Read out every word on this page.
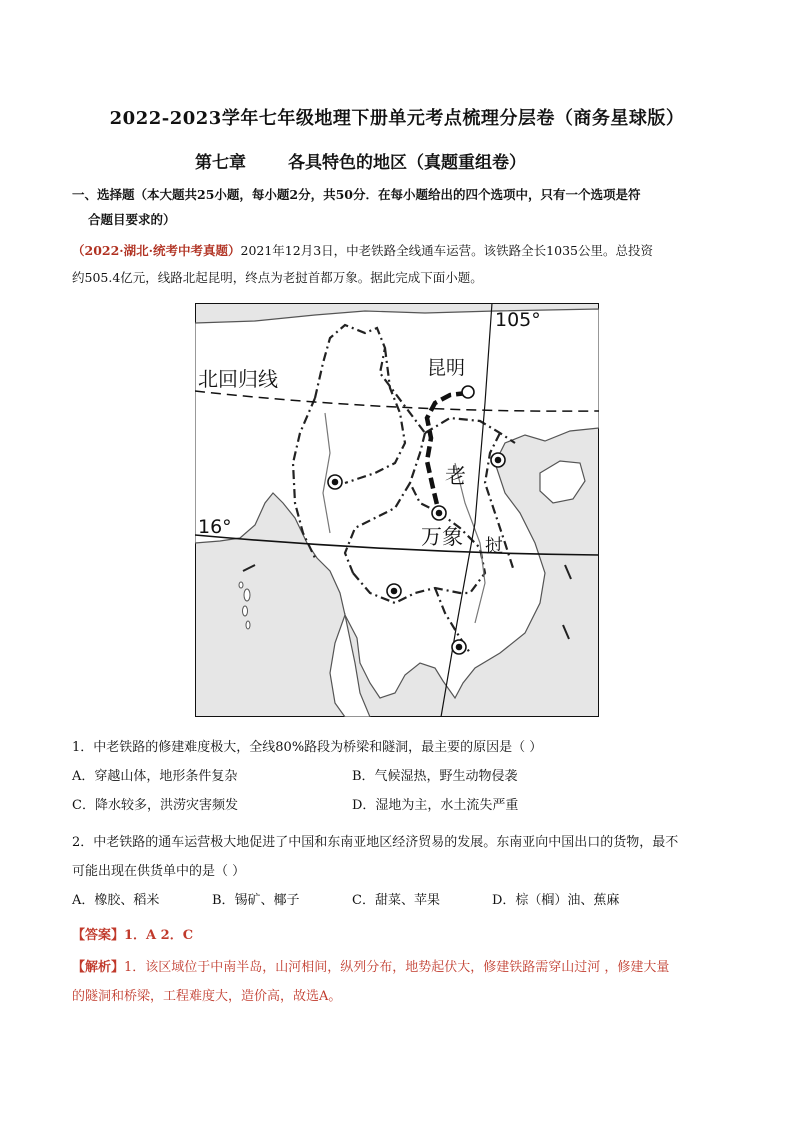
2022-2023学年七年级地理下册单元考点梳理分层卷（商务星球版）
第七章 各具特色的地区（真题重组卷）
一、选择题（本大题共25小题，每小题2分，共50分．在每小题给出的四个选项中，只有一个选项是符
合题目要求的）
（2022·湖北·统考中考真题）2021年12月3日，中老铁路全线通车运营。该铁路全长1035公里。总投资
约505.4亿元，线路北起昆明，终点为老挝首都万象。据此完成下面小题。
105°
昆明
北回归线
16°
老
万象 挝
1．中老铁路的修建难度极大，全线80%路段为桥梁和隧洞，最主要的原因是（ ）
A．穿越山体，地形条件复杂	B．气候湿热，野生动物侵袭
C．降水较多，洪涝灾害频发	D．湿地为主，水土流失严重
2．中老铁路的通车运营极大地促进了中国和东南亚地区经济贸易的发展。东南亚向中国出口的货物，最不
可能出现在供货单中的是（ ）
A．橡胶、稻米	B．锡矿、椰子	C．甜菜、苹果	D．棕（榈）油、蕉麻
【答案】1．A 2．C
【解析】1．该区域位于中南半岛，山河相间，纵列分布，地势起伏大，修建铁路需穿山过河 ，修建大量
的隧洞和桥梁，工程难度大，造价高，故选A。
